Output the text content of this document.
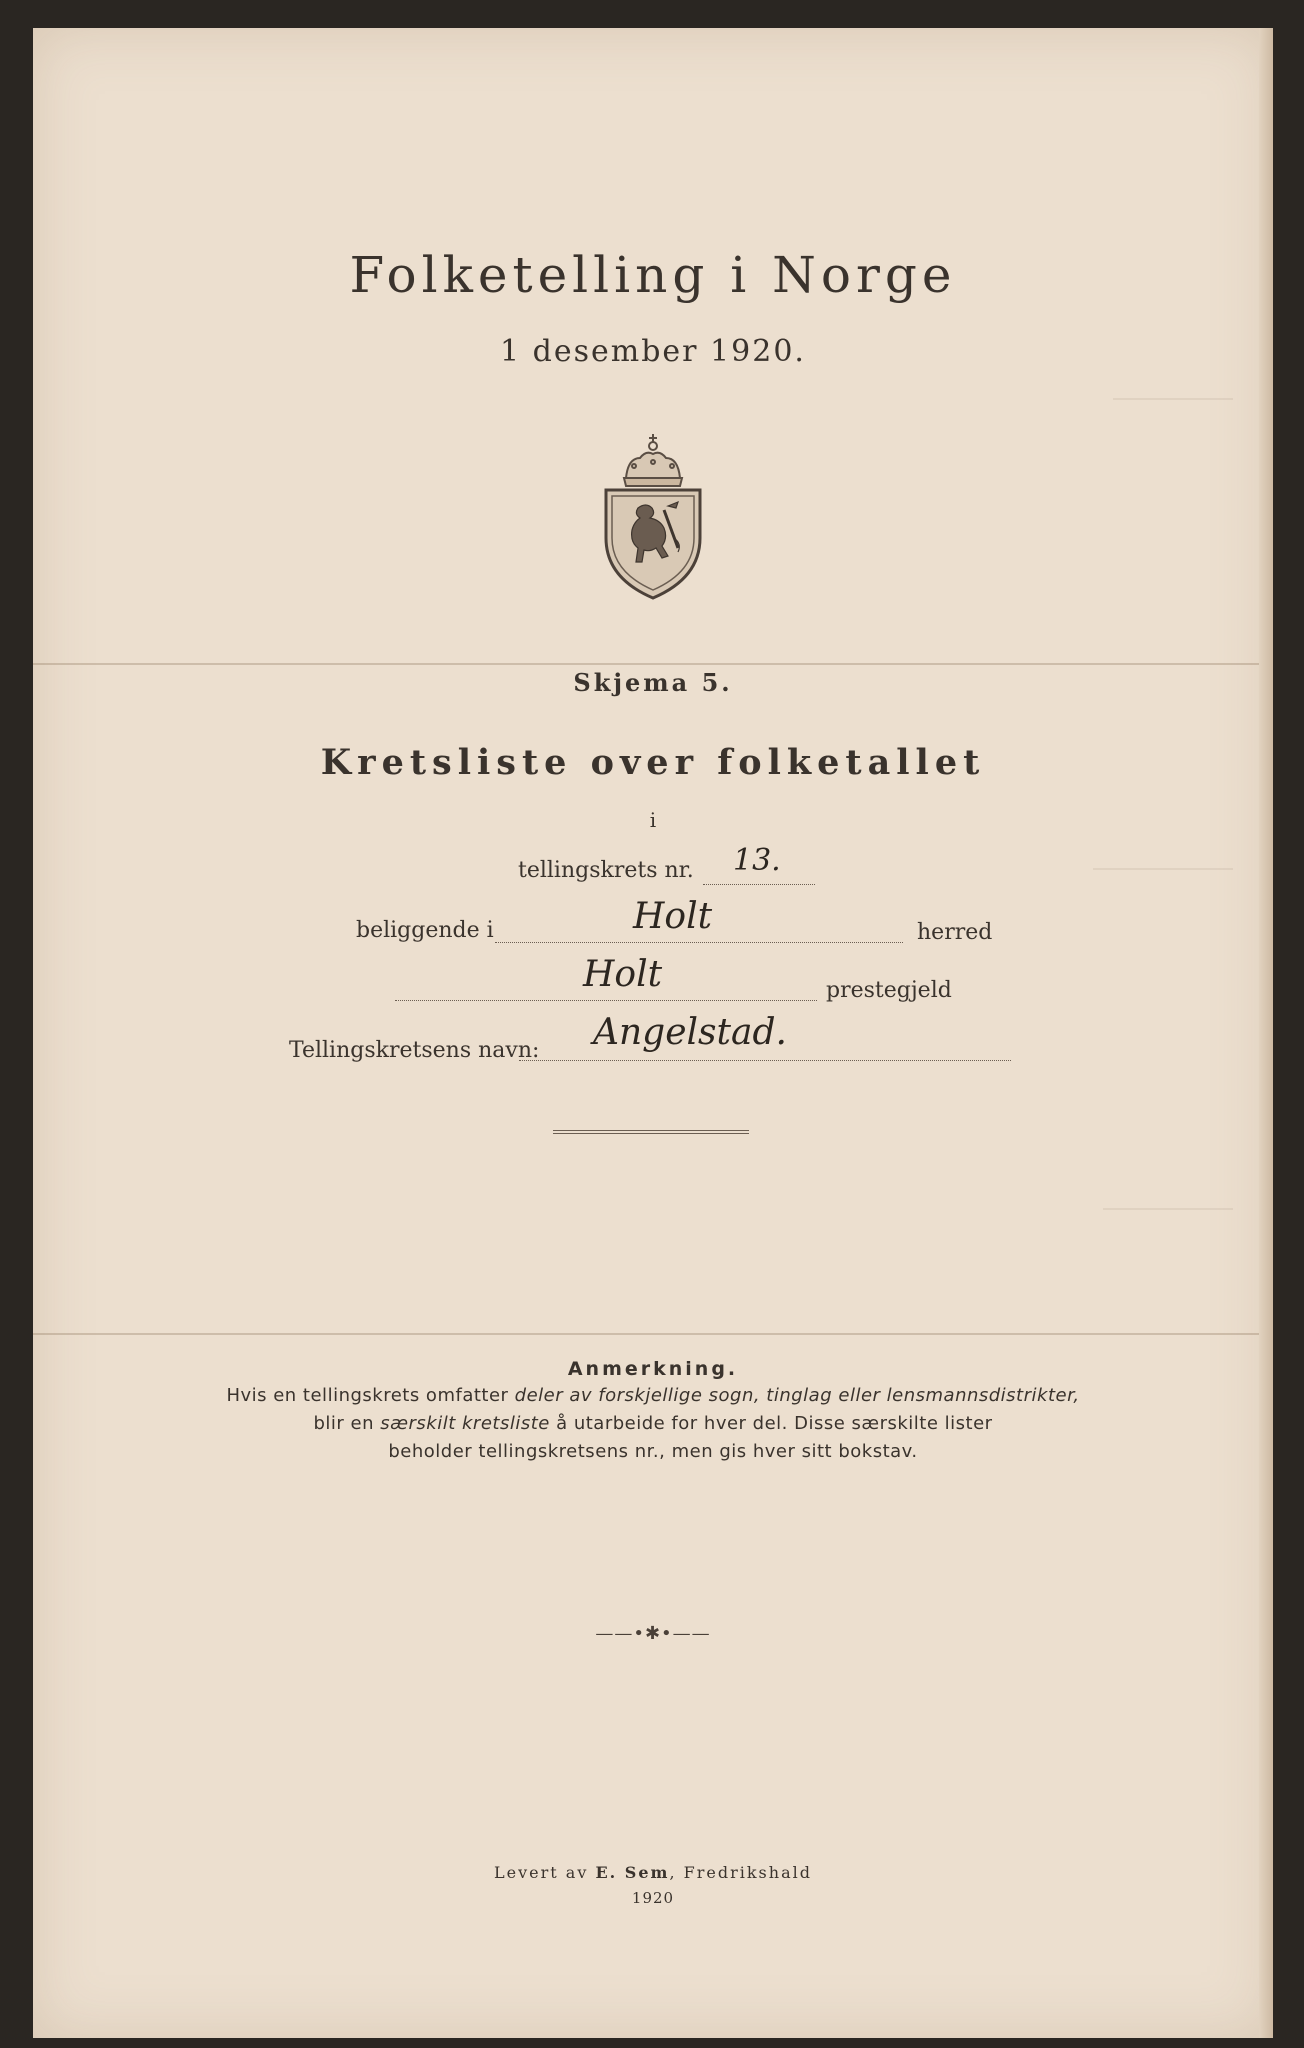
Folketelling i Norge
1 desember 1920.
Skjema 5.
Kretsliste over folketallet
i
tellingskrets nr. 13.
beliggende i	Holt	herred
Holt	prestegjeld
Tellingskretsens navn: Angelstad.
Anmerkning.
Hvis en tellingskrets omfatter deler av forskjellige sogn, tinglag eller lensmannsdistrikter,
blir en særskilt kretsliste å utarbeide for hver del. Disse særskilte lister
beholder tellingskretsens nr., men gis hver sitt bokstav.
——•✱•——
Levert av E. Sem, Fredrikshald
1920
